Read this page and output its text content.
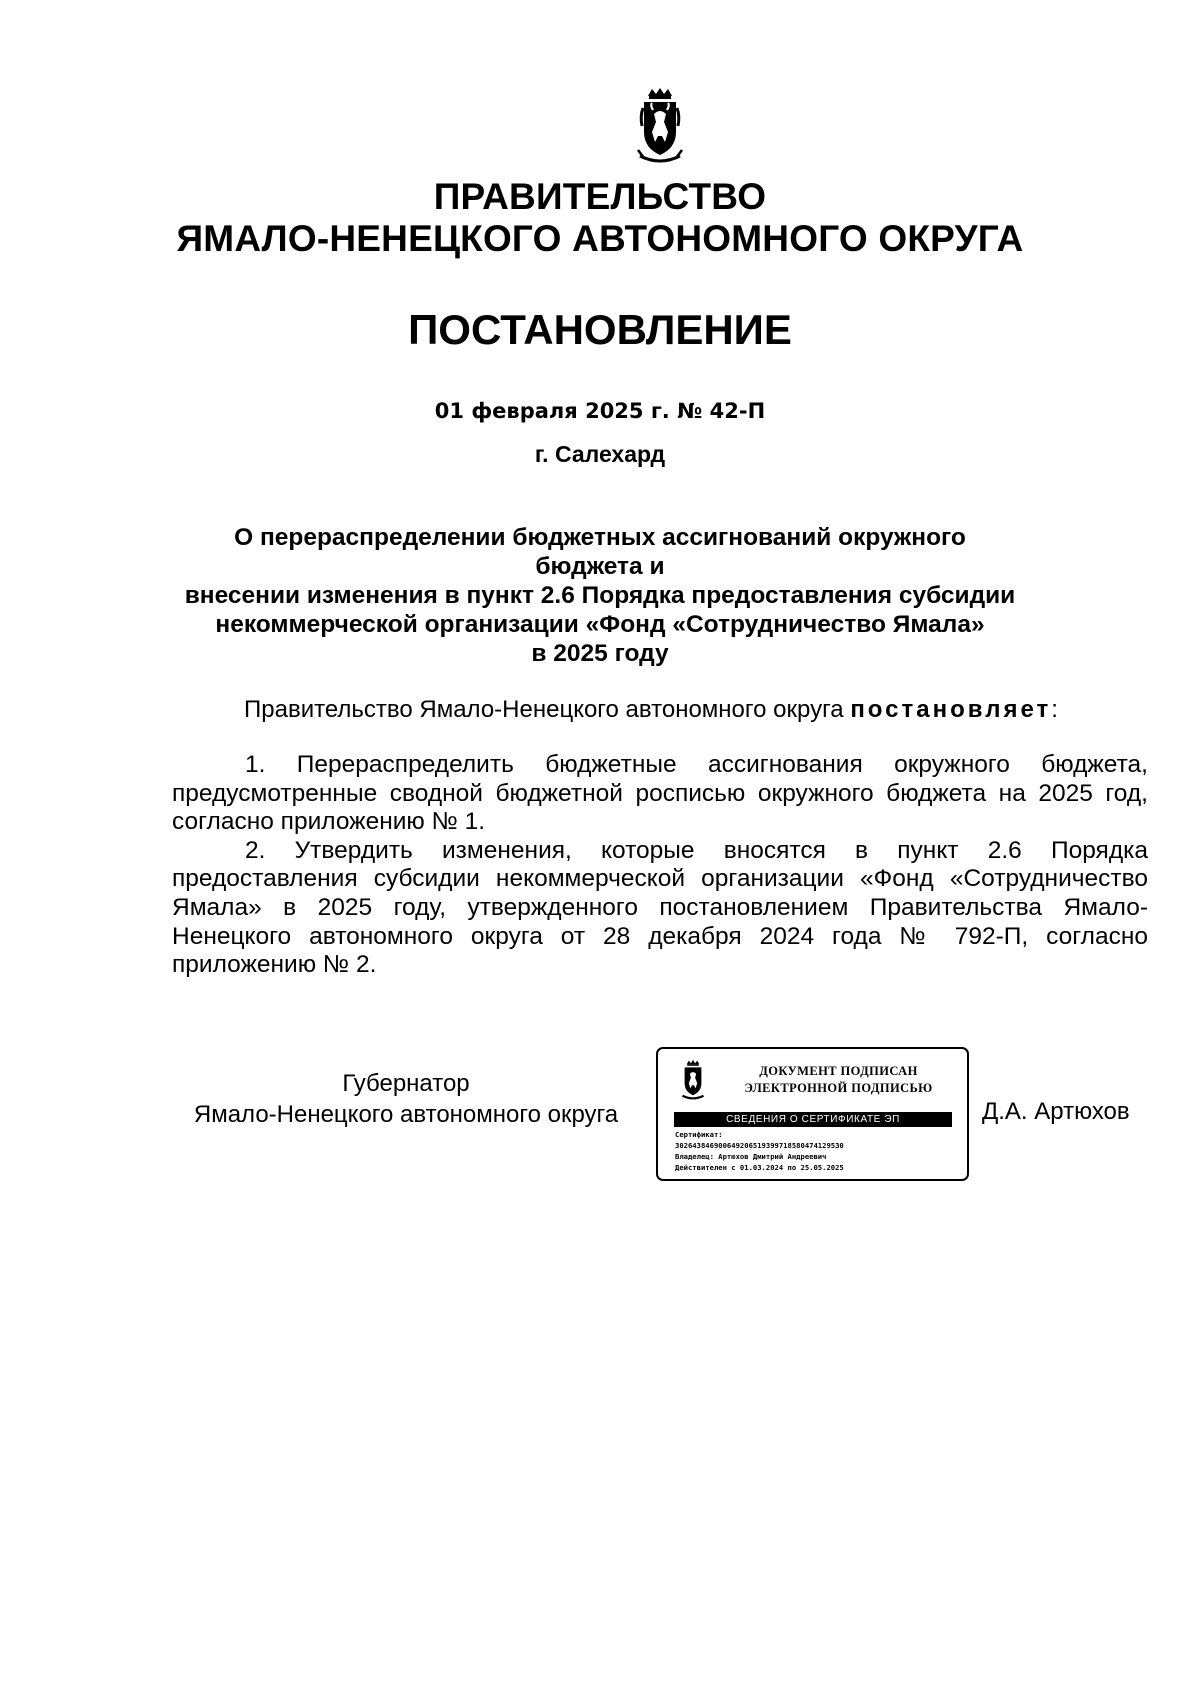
ПРАВИТЕЛЬСТВО
ЯМАЛО-НЕНЕЦКОГО АВТОНОМНОГО ОКРУГА
ПОСТАНОВЛЕНИЕ
01 февраля 2025 г. № 42-П
г. Салехард
О перераспределении бюджетных ассигнований окружного бюджета и
внесении изменения в пункт 2.6 Порядка предоставления субсидии
некоммерческой организации «Фонд «Сотрудничество Ямала»
в 2025 году
Правительство Ямало-Ненецкого автономного округа постановляет:

1. Перераспределить бюджетные ассигнования окружного бюджета, предусмотренные сводной бюджетной росписью окружного бюджета на 2025 год, согласно приложению № 1.

2. Утвердить изменения, которые вносятся в пункт 2.6 Порядка предоставления субсидии некоммерческой организации «Фонд «Сотрудничество Ямала» в 2025 году, утвержденного постановлением Правительства Ямало-Ненецкого автономного округа от 28 декабря 2024 года № 792-П, согласно приложению № 2.

Губернатор
Ямало-Ненецкого автономного округа
ДОКУМЕНТ ПОДПИСАН
ЭЛЕКТРОННОЙ ПОДПИСЬЮ
СВЕДЕНИЯ О СЕРТИФИКАТЕ ЭП
Сертификат:
302643846900649206519399718580474129530
Владелец: Артюхов Дмитрий Андреевич
Действителен с 01.03.2024 по 25.05.2025
Д.А. Артюхов
